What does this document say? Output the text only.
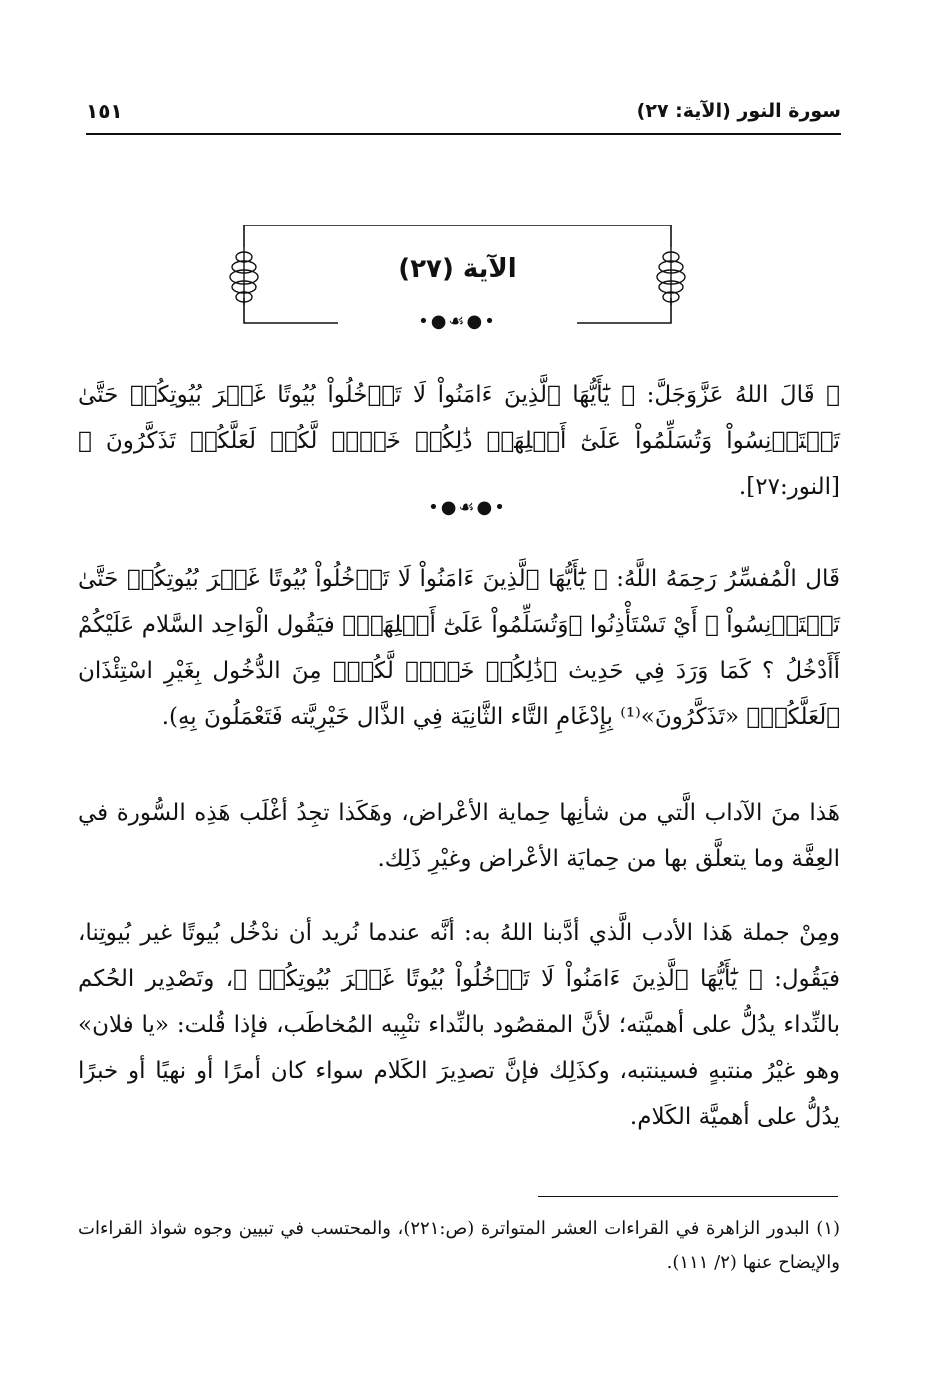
سورة النور (الآية: ٢٧)
١٥١
الآية (٢٧)
•●☙●•
۞ قَالَ اللهُ عَزَّوَجَلَّ: ﴿ يَٰٓأَيُّهَا ٱلَّذِينَ ءَامَنُواْ لَا تَدۡخُلُواْ بُيُوتًا غَيۡرَ بُيُوتِكُمۡ حَتَّىٰ تَسۡتَأۡنِسُواْ وَتُسَلِّمُواْ عَلَىٰٓ أَهۡلِهَاۚ ذَٰلِكُمۡ خَيۡرٞ لَّكُمۡ لَعَلَّكُمۡ تَذَكَّرُونَ ﴾ [النور:٢٧].
•●☙●•
قَال الْمُفسِّرُ رَحِمَهُ اللَّهُ: ﴿ يَٰٓأَيُّهَا ٱلَّذِينَ ءَامَنُواْ لَا تَدۡخُلُواْ بُيُوتًا غَيۡرَ بُيُوتِكُمۡ حَتَّىٰ تَسۡتَأۡنِسُواْ ﴾ أَيْ تَسْتَأْذِنُوا ﴿وَتُسَلِّمُواْ عَلَىٰٓ أَهۡلِهَاۚ﴾ فيَقُول الْوَاحِد السَّلام عَلَيْكُمْ أَأَدْخُلُ ؟ كَمَا وَرَدَ فِي حَدِيث ﴿ذَٰلِكُمۡ خَيۡرٞ لَّكُمۡ﴾ مِنَ الدُّخُول بِغَيْرِ اسْتِئْذَان ﴿لَعَلَّكُمۡ﴾ «تَذَكَّرُونَ»⁽¹⁾ بِإِدْغَامِ التَّاء الثَّانِيَة فِي الذَّال خَيْرِيَّته فَتَعْمَلُونَ بِهِ).
هَذا منَ الآداب الَّتي من شأنِها حِماية الأعْراض، وهَكَذا تجِدُ أغْلَب هَذِه السُّورة في العِفَّة وما يتعلَّق بها من حِمايَة الأعْراض وغيْرِ ذَلِك.
ومِنْ جملة هَذا الأدب الَّذي أدَّبنا اللهُ به: أنَّه عندما نُريد أن ندْخُل بُيوتًا غير بُيوتِنا، فيَقُول: ﴿ يَٰٓأَيُّهَا ٱلَّذِينَ ءَامَنُواْ لَا تَدۡخُلُواْ بُيُوتًا غَيۡرَ بُيُوتِكُمۡ ﴾، وتَصْدِير الحُكم بالنِّداء يدُلُّ على أهميَّته؛ لأنَّ المقصُود بالنِّداء تنْبِيه المُخاطَب، فإذا قُلت: «يا فلان» وهو غيْرُ منتبهٍ فسينتبه، وكذَلِك فإنَّ تصدِيرَ الكَلام سواء كان أمرًا أو نهيًا أو خبرًا يدُلُّ على أهميَّة الكَلام.
(١) البدور الزاهرة في القراءات العشر المتواترة (ص:٢٢١)، والمحتسب في تبيين وجوه شواذ القراءات والإيضاح عنها (٢/ ١١١).
